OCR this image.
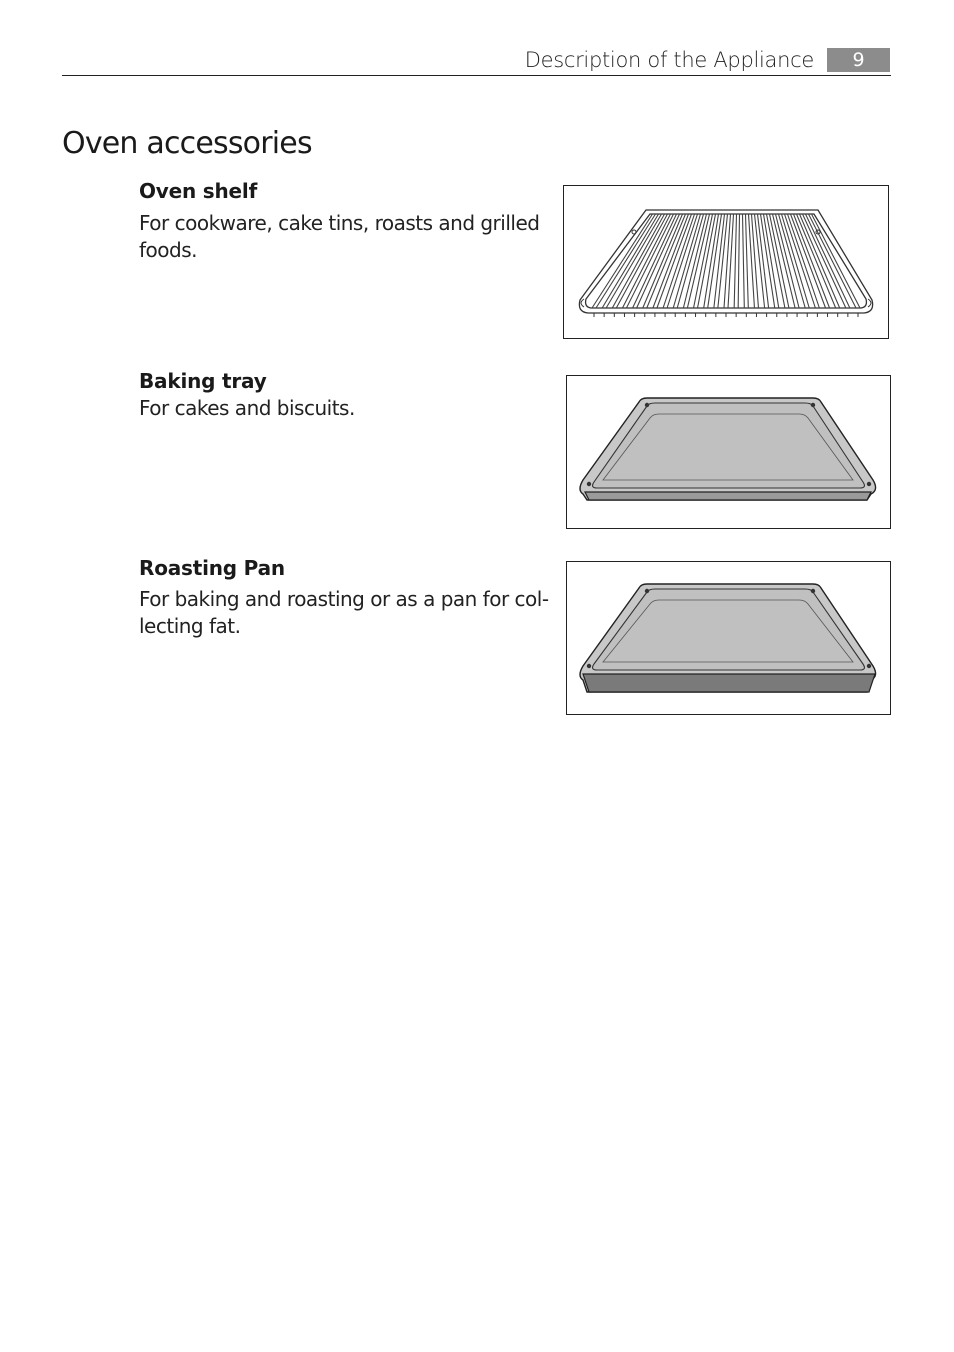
Description of the Appliance	9
Oven accessories
Oven shelf
For cookware, cake tins, roasts and grilled
foods.
Baking tray
For cakes and biscuits.
Roasting Pan
For baking and roasting or as a pan for col-
lecting fat.
